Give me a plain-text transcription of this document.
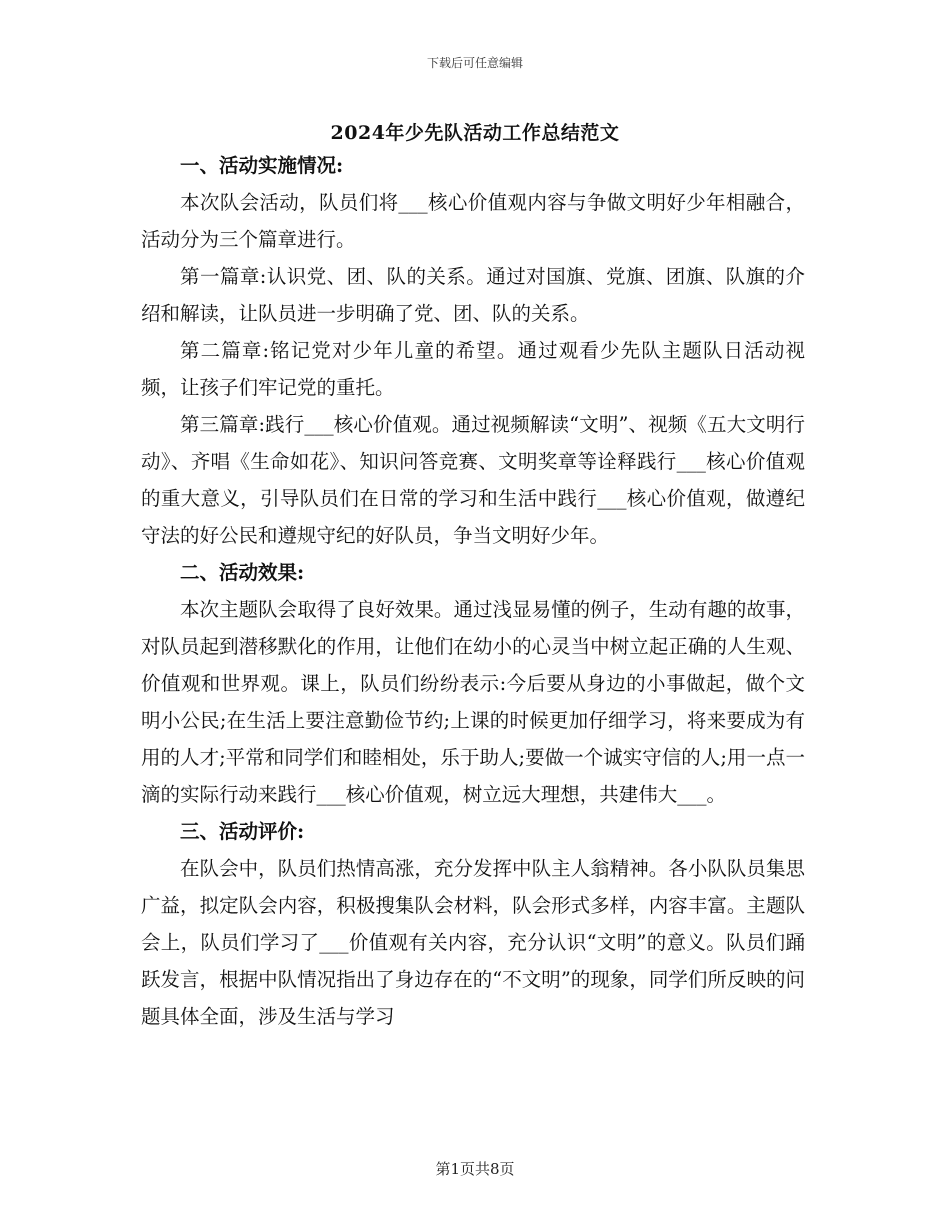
下载后可任意编辑
2024年少先队活动工作总结范文
一、活动实施情况:

本次队会活动，队员们将___核心价值观内容与争做文明好少年相融合，活动分为三个篇章进行。

第一篇章:认识党、团、队的关系。通过对国旗、党旗、团旗、队旗的介绍和解读，让队员进一步明确了党、团、队的关系。

第二篇章:铭记党对少年儿童的希望。通过观看少先队主题队日活动视频，让孩子们牢记党的重托。

第三篇章:践行___核心价值观。通过视频解读“文明”、视频《五大文明行动》、齐唱《生命如花》、知识问答竞赛、文明奖章等诠释践行___核心价值观的重大意义，引导队员们在日常的学习和生活中践行___核心价值观，做遵纪守法的好公民和遵规守纪的好队员，争当文明好少年。

二、活动效果:

本次主题队会取得了良好效果。通过浅显易懂的例子，生动有趣的故事，对队员起到潜移默化的作用，让他们在幼小的心灵当中树立起正确的人生观、价值观和世界观。课上，队员们纷纷表示:今后要从身边的小事做起，做个文明小公民;在生活上要注意勤俭节约;上课的时候更加仔细学习，将来要成为有用的人才;平常和同学们和睦相处，乐于助人;要做一个诚实守信的人;用一点一滴的实际行动来践行___核心价值观，树立远大理想，共建伟大___。

三、活动评价:

在队会中，队员们热情高涨，充分发挥中队主人翁精神。各小队队员集思广益，拟定队会内容，积极搜集队会材料，队会形式多样，内容丰富。主题队会上，队员们学习了___价值观有关内容，充分认识“文明”的意义。队员们踊跃发言，根据中队情况指出了身边存在的“不文明”的现象，同学们所反映的问题具体全面，涉及生活与学习

第1页共8页
